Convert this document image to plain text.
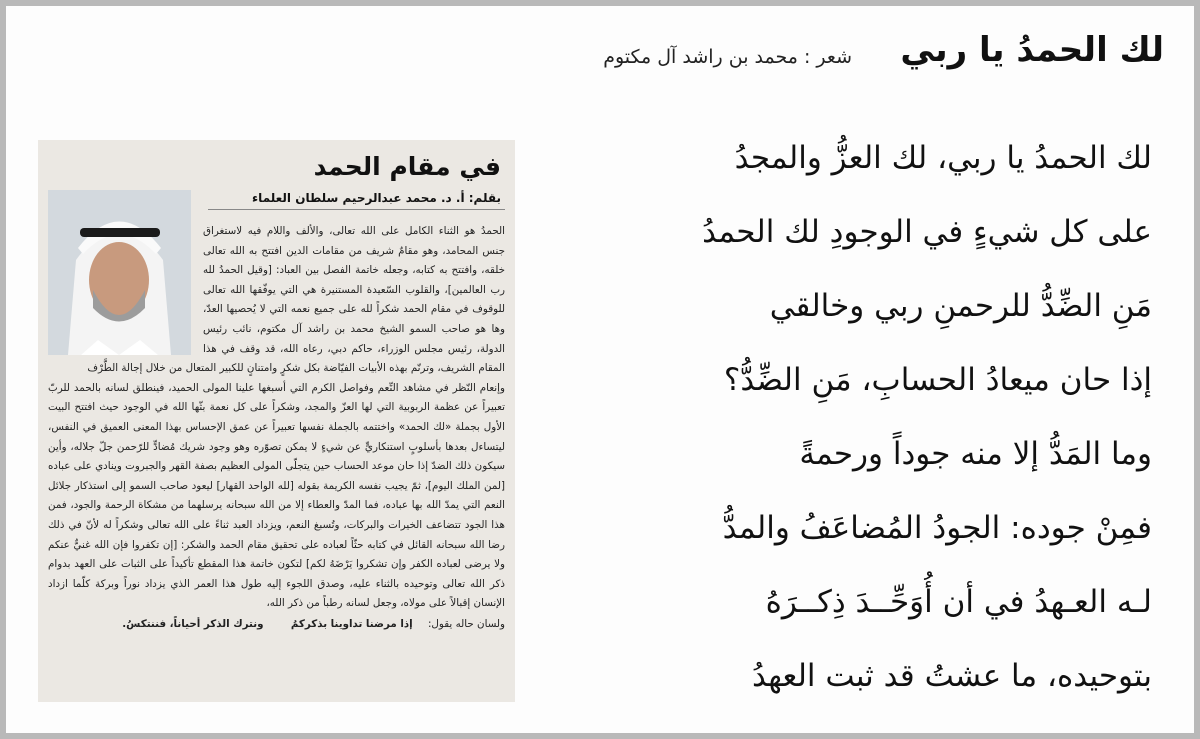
لك الحمدُ يا ربي
شعر : محمد بن راشد آل مكتوم
لك الحمدُ يا ربي، لك العزُّ والمجدُ
على كل شيءٍ في الوجودِ لك الحمدُ
مَنِ الضِّدُّ للرحمنِ ربي وخالقي
إذا حان ميعادُ الحسابِ، مَنِ الضِّدُّ؟
وما المَدُّ إلا منه جوداً ورحمةً
فمِنْ جوده: الجودُ المُضاعَفُ والمدُّ
لـه العـهدُ في أن أُوَحِّــدَ ذِكــرَهُ
بتوحيده، ما عشتُ قد ثبت العهدُ
في مقام الحمد
بقلم: أ. د. محمد عبدالرحيم سلطان العلماء

الحمدُ هو الثناء الكامل على الله تعالى، والألف واللام فيه لاستغراق جنس المحامد، وهو مقامٌ شريف من مقامات الدين افتتح به الله تعالى خلقه، وافتتح به كتابه، وجعله خاتمة الفصل بين العباد: [وقيل الحمدُ لله رب العالمين]، والقلوب السّعيدة المستنيرة هي التي يوفّقها الله تعالى للوقوف في مقام الحمد شكراً لله على جميع نعمه التي لا يُحصيها العدّ، وها هو صاحب السمو الشيخ محمد بن راشد آل مكتوم، نائب رئيس الدولة، رئيس مجلس الوزراء، حاكم دبي، رعاه الله، قد وقف في هذا المقام الشريف، وترنّم بهذه الأبيات الفيّاضة بكل شكرٍ وامتنانٍ للكبير المتعال من خلال إجالة الطَّرْف

وإنعام النّظر في مشاهد النِّعم وفواصل الكرم التي أسبغها علينا المولى الحميد، فينطلق لسانه بالحمد للربّ تعبيراً عن عظمة الربوبية التي لها العزّ والمجد، وشكراً على كل نعمة بثّها الله في الوجود حيث افتتح البيت الأول بجملة «لك الحمد» واختتمه بالجملة نفسها تعبيراً عن عمق الإحساس بهذا المعنى العميق في النفس، ليتساءل بعدها بأسلوبٍ استنكاريٍّ عن شيءٍ لا يمكن تصوّره وهو وجود شريك مُضادٍّ للرّحمن جلّ جلاله، وأين سيكون ذلك الضدّ إذا حان موعد الحساب حين يتجلّى المولى العظيم بصفة القهر والجبروت وينادي على عباده [لمن الملك اليوم]، ثمّ يجيب نفسه الكريمة بقوله [لله الواحد القهار] ليعود صاحب السمو إلى استذكار جلائل النعم التي يمدّ الله بها عباده، فما المدّ والعطاء إلا من الله سبحانه يرسلهما من مشكاة الرحمة والجود، فمن هذا الجود تتضاعف الخيرات والبركات، وتُسبغ النعم، ويزداد العبد ثناءً على الله تعالى وشكراً له لأنّ في ذلك رضا الله سبحانه القائل في كتابه حثّاً لعباده على تحقيق مقام الحمد والشكر: [إن تكفروا فإن الله غنيٌّ عنكم ولا يرضى لعباده الكفر وإن تشكروا يَرْضَهُ لكم] لتكون خاتمة هذا المقطع تأكيداً على الثبات على العهد بدوام ذكر الله تعالى وتوحيده بالثناء عليه، وصدق اللجوء إليه طول هذا العمر الذي يزداد نوراً وبركة كلّما ازداد الإنسان إقبالاً على مولاه، وجعل لسانه رطباً من ذكر الله،

ولسان حاله يقول: إذا مرضنا تداوينا بذكركمُ ونترك الذكر أحياناً، فننتكسُ.
